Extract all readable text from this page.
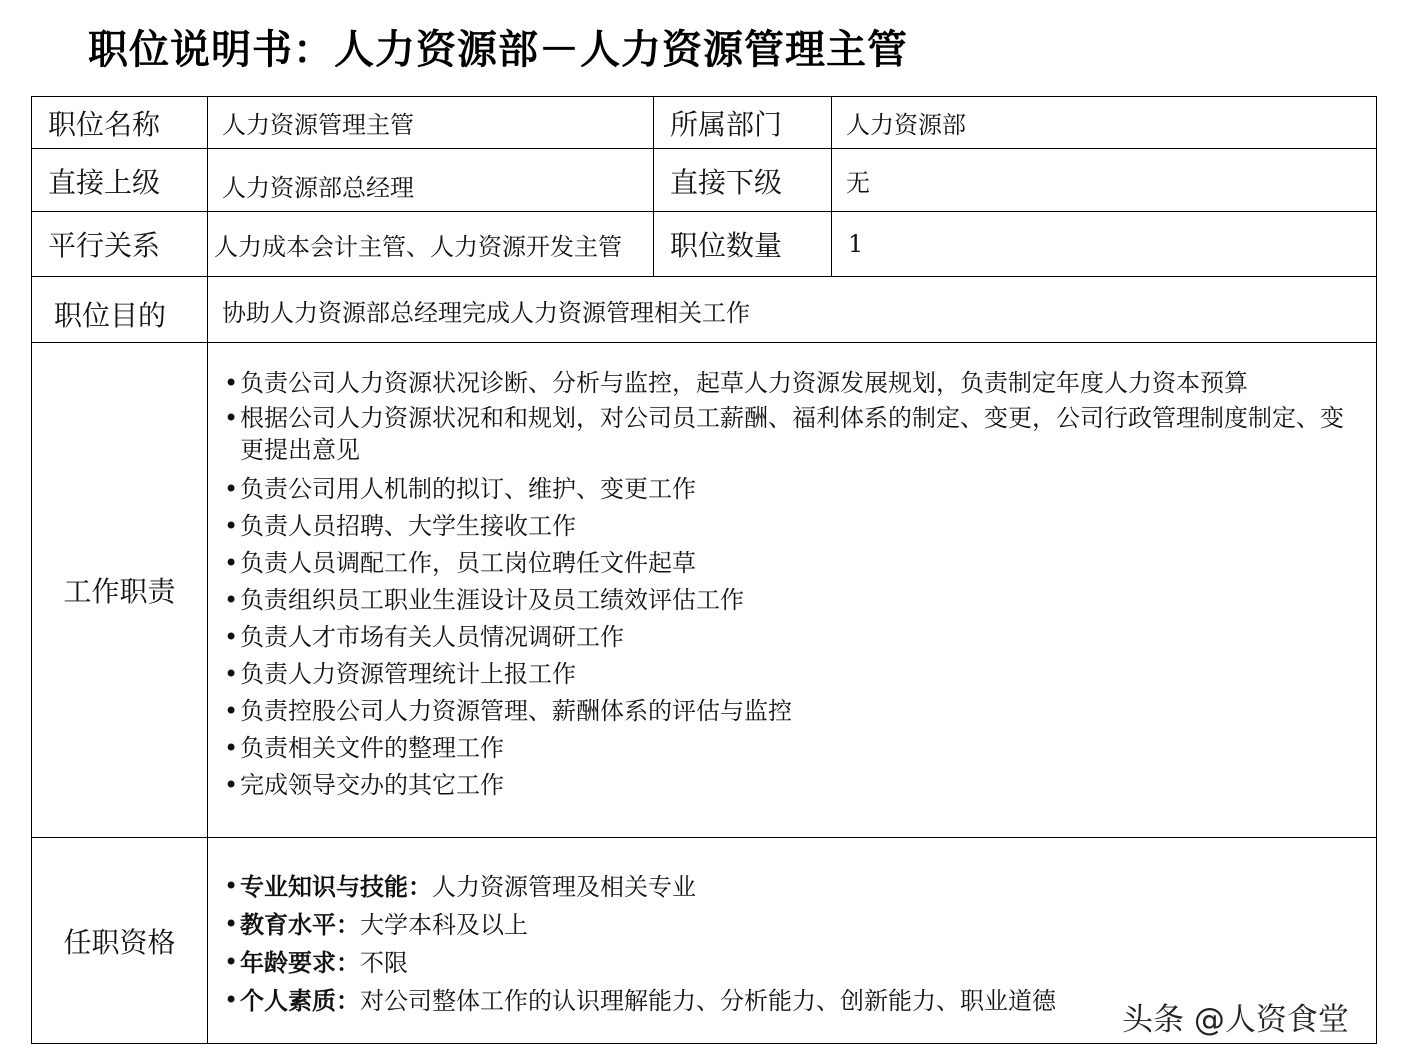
职位说明书：人力资源部－人力资源管理主管
职位名称	人力资源管理主管	所属部门	人力资源部
直接上级	人力资源部总经理	直接下级	无
平行关系	人力成本会计主管、人力资源开发主管	职位数量	1
职位目的	协助人力资源部总经理完成人力资源管理相关工作
工作职责
• 负责公司人力资源状况诊断、分析与监控，起草人力资源发展规划，负责制定年度人力资本预算
• 根据公司人力资源状况和和规划，对公司员工薪酬、福利体系的制定、变更，公司行政管理制度制定、变更提出意见
• 负责公司用人机制的拟订、维护、变更工作
• 负责人员招聘、大学生接收工作
• 负责人员调配工作，员工岗位聘任文件起草
• 负责组织员工职业生涯设计及员工绩效评估工作
• 负责人才市场有关人员情况调研工作
• 负责人力资源管理统计上报工作
• 负责控股公司人力资源管理、薪酬体系的评估与监控
• 负责相关文件的整理工作
• 完成领导交办的其它工作
任职资格
• 专业知识与技能：人力资源管理及相关专业
• 教育水平：大学本科及以上
• 年龄要求：不限
• 个人素质：对公司整体工作的认识理解能力、分析能力、创新能力、职业道德
头条 @人资食堂
